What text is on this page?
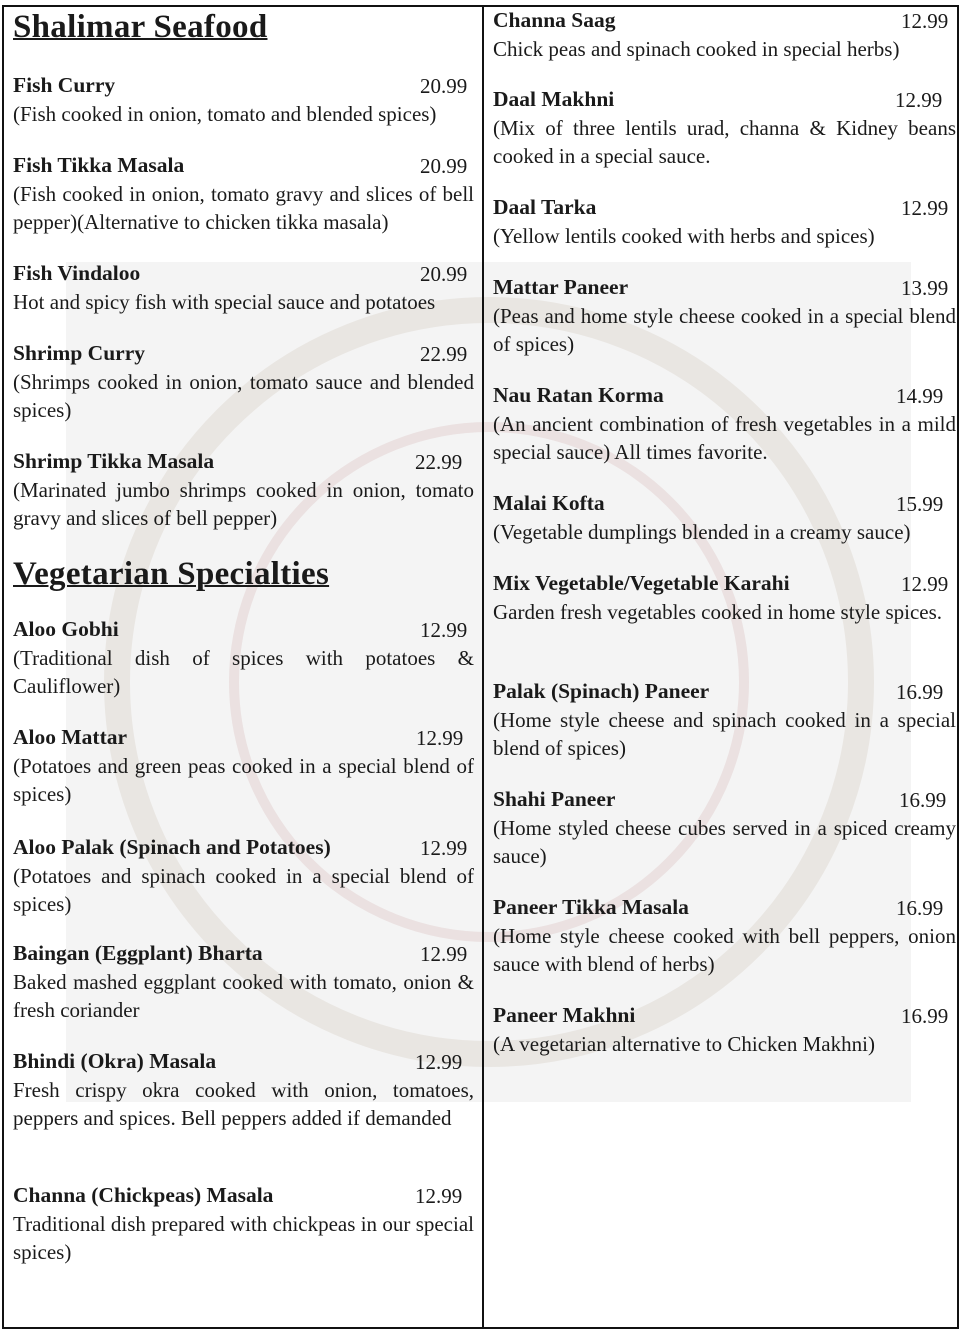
Shalimar Seafood
Fish Curry	20.99
(Fish cooked in onion, tomato and blended spices)
Fish Tikka Masala	20.99
(Fish cooked in onion, tomato gravy and slices of bell pepper)(Alternative to chicken tikka masala)
Fish Vindaloo	20.99
Hot and spicy fish with special sauce and potatoes
Shrimp Curry	22.99
(Shrimps cooked in onion, tomato sauce and blended spices)
Shrimp Tikka Masala	22.99
(Marinated jumbo shrimps cooked in onion, tomato gravy and slices of bell pepper)
Vegetarian Specialties
Aloo Gobhi	12.99
(Traditional dish of spices with potatoes & Cauliflower)
Aloo Mattar	12.99
(Potatoes and green peas cooked in a special blend of spices)
Aloo Palak (Spinach and Potatoes)	12.99
(Potatoes and spinach cooked in a special blend of spices)
Baingan (Eggplant) Bharta	12.99
Baked mashed eggplant cooked with tomato, onion & fresh coriander
Bhindi (Okra) Masala	12.99
Fresh crispy okra cooked with onion, tomatoes, peppers and spices. Bell peppers added if demanded
Channa (Chickpeas) Masala	12.99
Traditional dish prepared with chickpeas in our special spices)
Channa Saag	12.99
Chick peas and spinach cooked in special herbs)
Daal Makhni	12.99
(Mix of three lentils urad, channa & Kidney beans cooked in a special sauce.
Daal Tarka	12.99
(Yellow lentils cooked with herbs and spices)
Mattar Paneer	13.99
(Peas and home style cheese cooked in a special blend of spices)
Nau Ratan Korma	14.99
(An ancient combination of fresh vegetables in a mild special sauce) All times favorite.
Malai Kofta	15.99
(Vegetable dumplings blended in a creamy sauce)
Mix Vegetable/Vegetable Karahi	12.99
Garden fresh vegetables cooked in home style spices.
Palak (Spinach) Paneer	16.99
(Home style cheese and spinach cooked in a special blend of spices)
Shahi Paneer	16.99
(Home styled cheese cubes served in a spiced creamy sauce)
Paneer Tikka Masala	16.99
(Home style cheese cooked with bell peppers, onion sauce with blend of herbs)
Paneer Makhni	16.99
(A vegetarian alternative to Chicken Makhni)
